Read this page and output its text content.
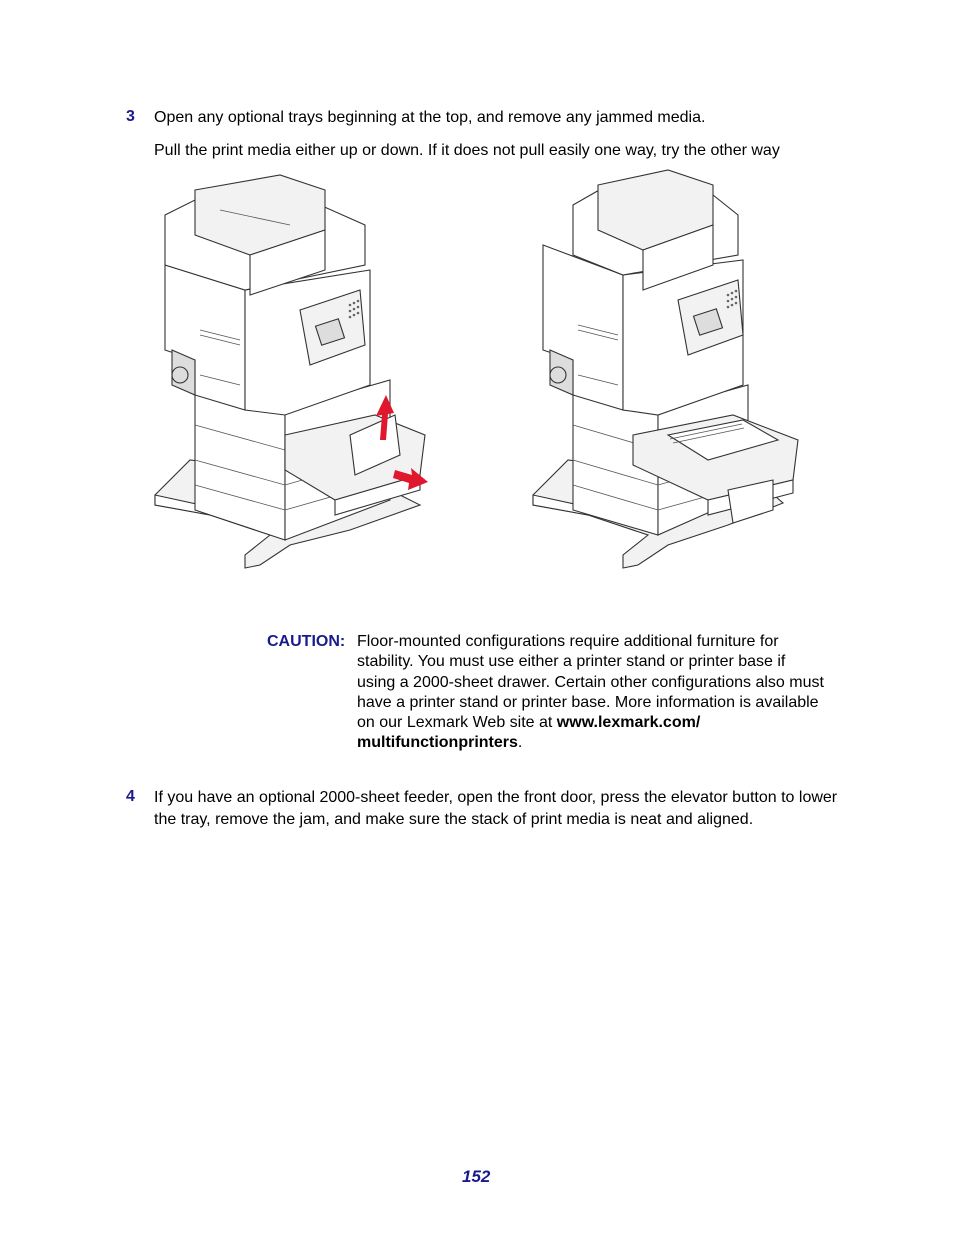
3 Open any optional trays beginning at the top, and remove any jammed media.
Pull the print media either up or down. If it does not pull easily one way, try the other way
CAUTION: Floor-mounted configurations require additional furniture for stability. You must use either a printer stand or printer base if using a 2000-sheet drawer. Certain other configurations also must have a printer stand or printer base. More information is available on our Lexmark Web site at www.lexmark.com/ multifunctionprinters.
4 If you have an optional 2000-sheet feeder, open the front door, press the elevator button to lower the tray, remove the jam, and make sure the stack of print media is neat and aligned.
152
